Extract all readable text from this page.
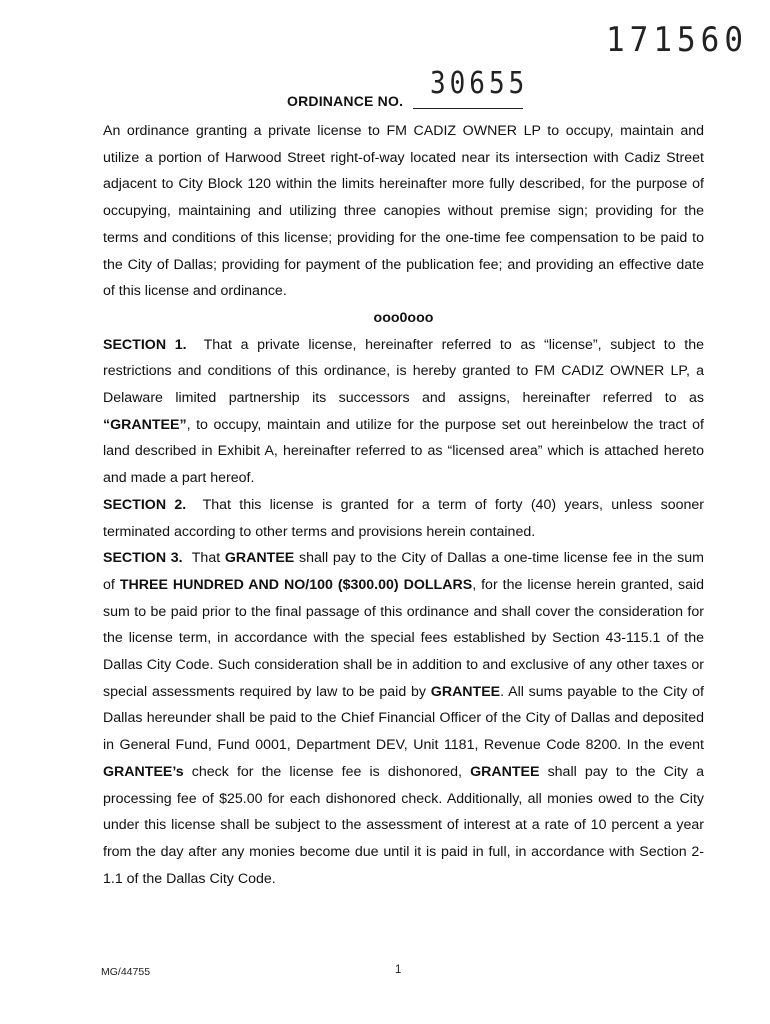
171560
ORDINANCE NO. 30655

An ordinance granting a private license to FM CADIZ OWNER LP to occupy, maintain and utilize a portion of Harwood Street right-of-way located near its intersection with Cadiz Street adjacent to City Block 120 within the limits hereinafter more fully described, for the purpose of occupying, maintaining and utilizing three canopies without premise sign; providing for the terms and conditions of this license; providing for the one-time fee compensation to be paid to the City of Dallas; providing for payment of the publication fee; and providing an effective date of this license and ordinance.

ooo0ooo

SECTION 1. That a private license, hereinafter referred to as “license”, subject to the restrictions and conditions of this ordinance, is hereby granted to FM CADIZ OWNER LP, a Delaware limited partnership its successors and assigns, hereinafter referred to as “GRANTEE”, to occupy, maintain and utilize for the purpose set out hereinbelow the tract of land described in Exhibit A, hereinafter referred to as “licensed area” which is attached hereto and made a part hereof.

SECTION 2. That this license is granted for a term of forty (40) years, unless sooner terminated according to other terms and provisions herein contained.

SECTION 3. That GRANTEE shall pay to the City of Dallas a one-time license fee in the sum of THREE HUNDRED AND NO/100 ($300.00) DOLLARS, for the license herein granted, said sum to be paid prior to the final passage of this ordinance and shall cover the consideration for the license term, in accordance with the special fees established by Section 43-115.1 of the Dallas City Code. Such consideration shall be in addition to and exclusive of any other taxes or special assessments required by law to be paid by GRANTEE. All sums payable to the City of Dallas hereunder shall be paid to the Chief Financial Officer of the City of Dallas and deposited in General Fund, Fund 0001, Department DEV, Unit 1181, Revenue Code 8200. In the event GRANTEE’s check for the license fee is dishonored, GRANTEE shall pay to the City a processing fee of $25.00 for each dishonored check. Additionally, all monies owed to the City under this license shall be subject to the assessment of interest at a rate of 10 percent a year from the day after any monies become due until it is paid in full, in accordance with Section 2-1.1 of the Dallas City Code.

MG/44755	1
